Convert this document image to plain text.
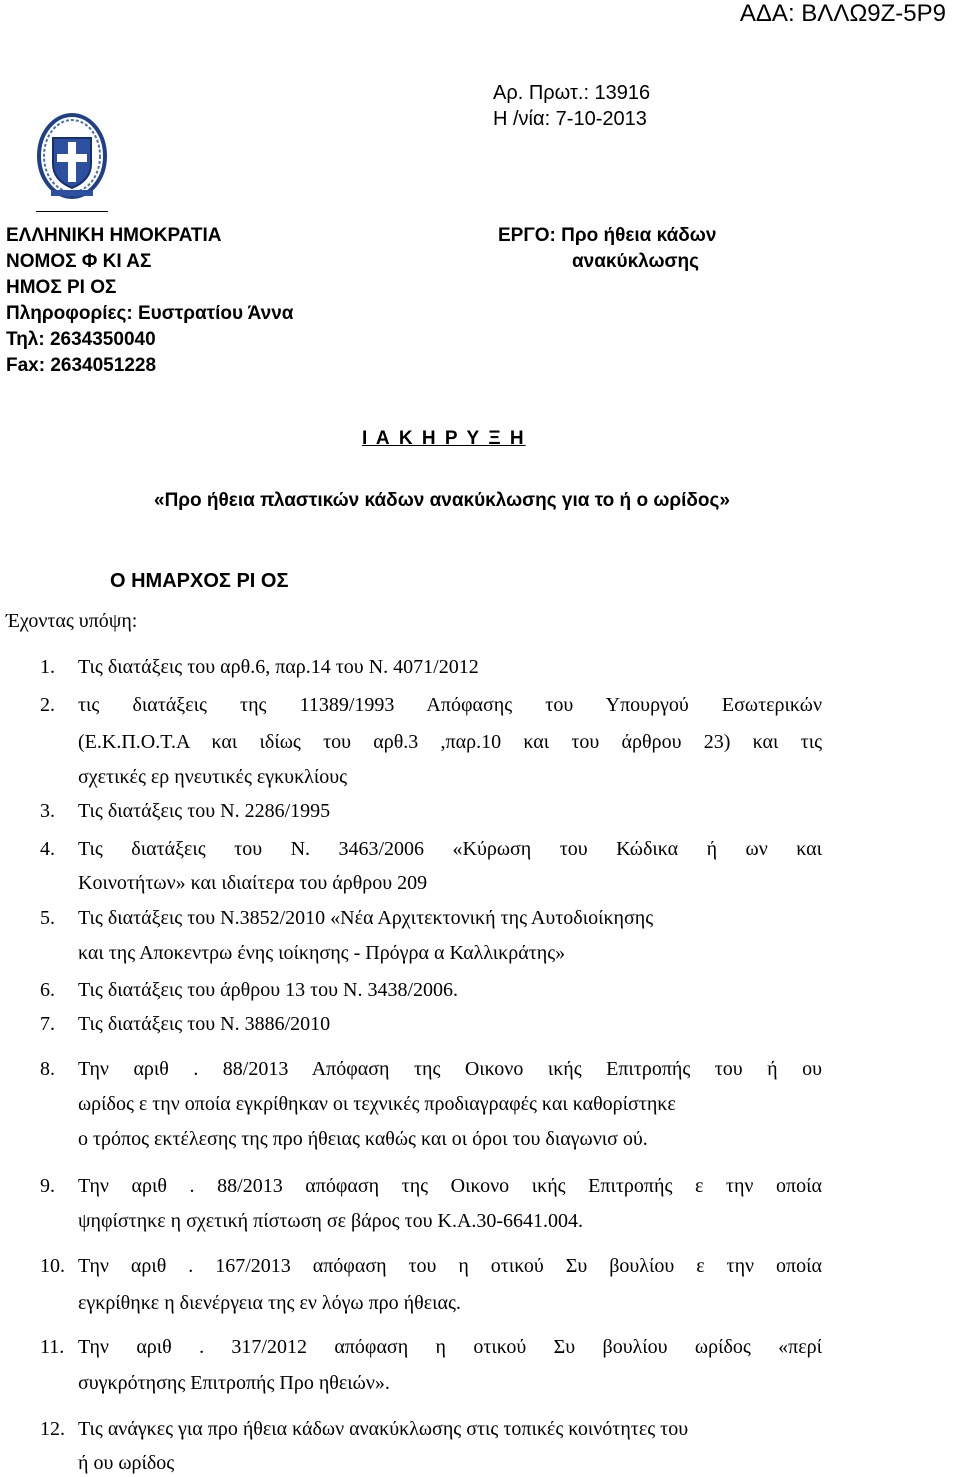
ΑΔΑ: ΒΛΛΩ9Ζ-5Ρ9
Αρ. Πρωτ.: 13916
Η /νία: 7-10-2013
ΕΛΛΗΝΙΚΗ ΗΜΟΚΡΑΤΙΑ
ΝΟΜΟΣ Φ ΚΙ ΑΣ
ΗΜΟΣ ΡΙ ΟΣ
Πληροφορίες: Ευστρατίου Άννα
Τηλ: 2634350040
Fax: 2634051228
ΕΡΓΟ: Προ ήθεια κάδων
ανακύκλωσης
Ι Α Κ Η Ρ Υ Ξ Η
«Προ ήθεια πλαστικών κάδων ανακύκλωσης για το ή ο ωρίδος»
Ο ΗΜΑΡΧΟΣ ΡΙ ΟΣ
Έχοντας υπόψη:
1. Τις διατάξεις του αρθ.6, παρ.14 του Ν. 4071/2012
2. τις διατάξεις της 11389/1993 Απόφασης του Υπουργού Εσωτερικών
(Ε.Κ.Π.Ο.Τ.Α και ιδίως του αρθ.3 ,παρ.10 και του άρθρου 23) και τις
σχετικές ερ ηνευτικές εγκυκλίους
3. Τις διατάξεις του Ν. 2286/1995
4. Τις διατάξεις του Ν. 3463/2006 «Κύρωση του Κώδικα ή ων και
Κοινοτήτων» και ιδιαίτερα του άρθρου 209
5. Τις διατάξεις του Ν.3852/2010 «Νέα Αρχιτεκτονική της Αυτοδιοίκησης
και της Αποκεντρω ένης ιοίκησης - Πρόγρα α Καλλικράτης»
6. Τις διατάξεις του άρθρου 13 του Ν. 3438/2006.
7. Τις διατάξεις του Ν. 3886/2010
8. Την αριθ . 88/2013 Απόφαση της Οικονο ικής Επιτροπής του ή ου
ωρίδος ε την οποία εγκρίθηκαν οι τεχνικές προδιαγραφές και καθορίστηκε
ο τρόπος εκτέλεσης της προ ήθειας καθώς και οι όροι του διαγωνισ ού.
9. Την αριθ . 88/2013 απόφαση της Οικονο ικής Επιτροπής ε την οποία
ψηφίστηκε η σχετική πίστωση σε βάρος του Κ.Α.30-6641.004.
10. Την αριθ . 167/2013 απόφαση του η οτικού Συ βουλίου ε την οποία
εγκρίθηκε η διενέργεια της εν λόγω προ ήθειας.
11. Την αριθ . 317/2012 απόφαση η οτικού Συ βουλίου ωρίδος «περί
συγκρότησης Επιτροπής Προ ηθειών».
12. Τις ανάγκες για προ ήθεια κάδων ανακύκλωσης στις τοπικές κοινότητες του
ή ου ωρίδος
